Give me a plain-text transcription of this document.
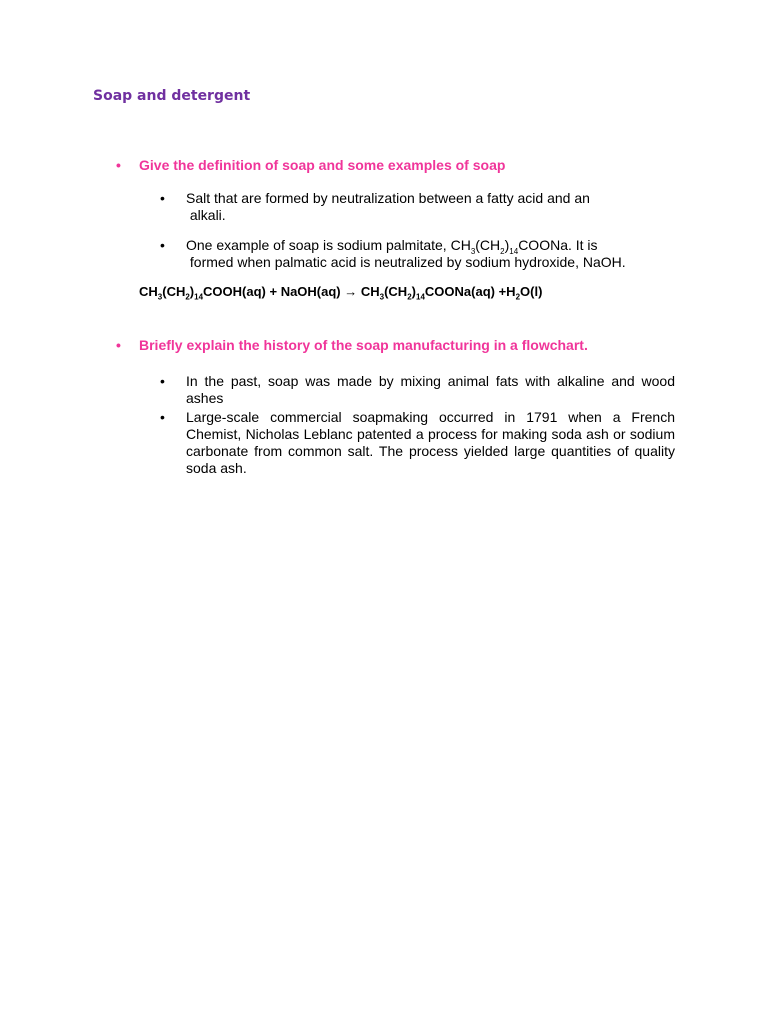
Soap and detergent
• Give the definition of soap and some examples of soap
• Salt that are formed by neutralization between a fatty acid and an
alkali.
• One example of soap is sodium palmitate, $CH_3(CH_2)_{14}COONa$. It is
formed when palmatic acid is neutralized by sodium hydroxide, NaOH.
$CH_3(CH_2)_{14}COOH(aq)$ + NaOH(aq) → $CH_3(CH_2)_{14}COONa(aq) +H_2O(l)$
• Briefly explain the history of the soap manufacturing in a flowchart.
• In the past, soap was made by mixing animal fats with alkaline and wood ashes
• Large-scale commercial soapmaking occurred in 1791 when a French Chemist, Nicholas Leblanc patented a process for making soda ash or sodium carbonate from common salt. The process yielded large quantities of quality soda ash.
